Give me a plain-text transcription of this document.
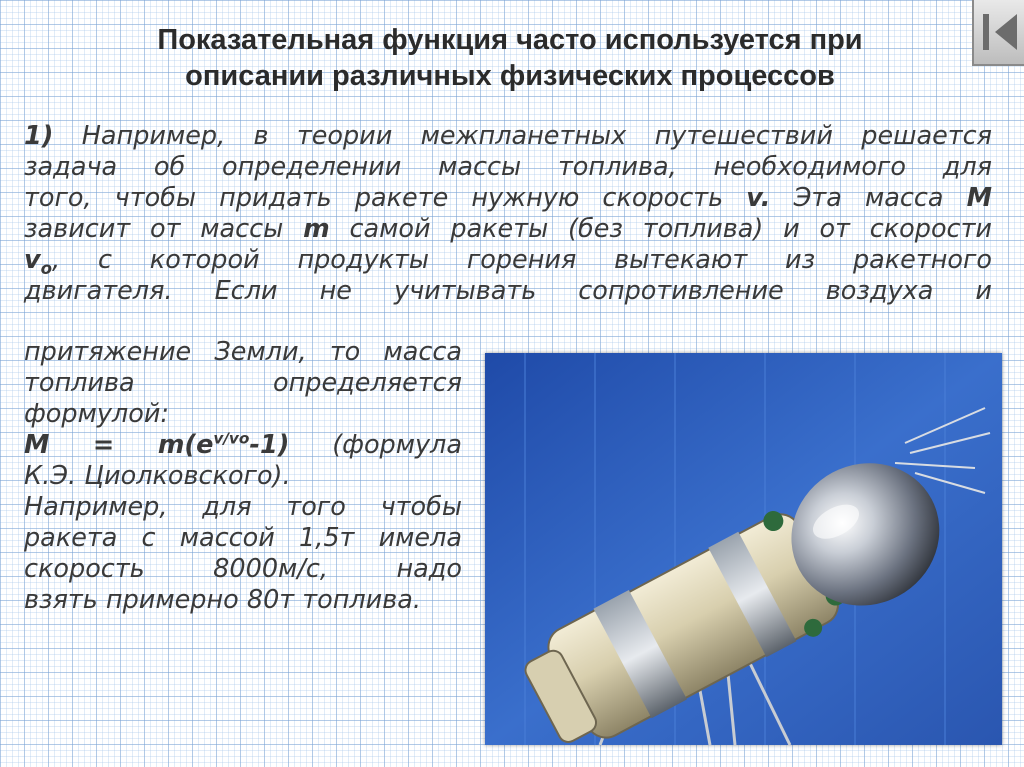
Показательная функция часто используется при
описании различных физических процессов
1) Например, в теории межпланетных путешествий решается
задача об определении массы топлива, необходимого для
того, чтобы придать ракете нужную скорость v. Эта масса M
зависит от массы m самой ракеты (без топлива) и от скорости
$v_o$, с которой продукты горения вытекают из ракетного
двигателя. Если не учитывать сопротивление воздуха и
притяжение Земли, то масса
топлива определяется
формулой:
$M = m(e^{v/vo}-1)$ (формула
К.Э. Циолковского).
Например, для того чтобы
ракета с массой 1,5т имела
скорость 8000м/с, надо
взять примерно 80т топлива.
